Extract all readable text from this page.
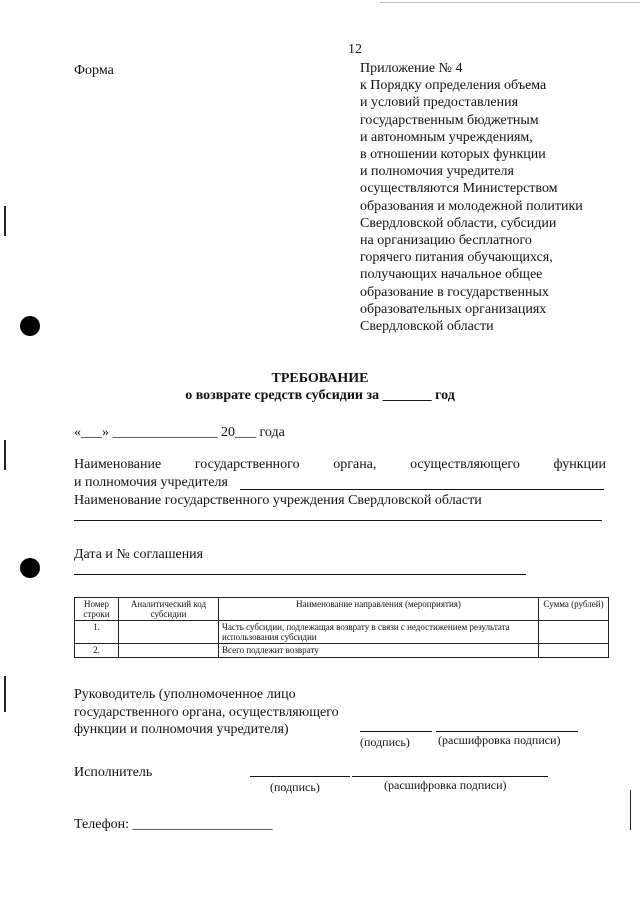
12
Форма	Приложение № 4
к Порядку определения объема
и условий предоставления
государственным бюджетным
и автономным учреждениям,
в отношении которых функции
и полномочия учредителя
осуществляются Министерством
образования и молодежной политики
Свердловской области, субсидии
на организацию бесплатного
горячего питания обучающихся,
получающих начальное общее
образование в государственных
образовательных организациях
Свердловской области
ТРЕБОВАНИЕ
о возврате средств субсидии за _______ год
«___» _______________ 20___ года
Наименование государственного органа, осуществляющего функции
и полномочия учредителя
Наименование государственного учреждения Свердловской области
Дата и № соглашения
Номер строки	Аналитический код субсидии	Наименование направления (мероприятия)	Сумма (рублей)
1.		Часть субсидии, подлежащая возврату в связи с недостижением результата использования субсидии	
2.		Всего подлежит возврату	
Руководитель (уполномоченное лицо
государственного органа, осуществляющего
функции и полномочия учредителя)
(подпись) (расшифровка подписи)
Исполнитель
(подпись)	(расшифровка подписи)
Телефон: ____________________
